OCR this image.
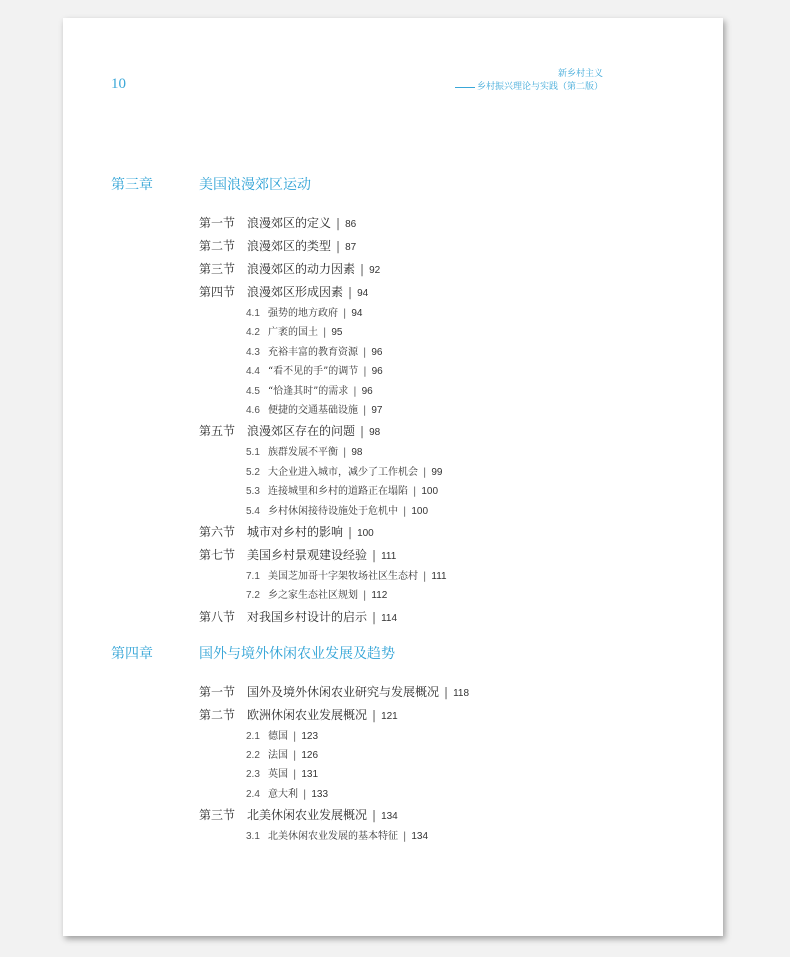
10
新乡村主义
乡村振兴理论与实践（第二版）
第三章	美国浪漫郊区运动
第一节 浪漫郊区的定义 | 86
第二节 浪漫郊区的类型 | 87
第三节 浪漫郊区的动力因素 | 92
第四节 浪漫郊区形成因素 | 94
4.1 强势的地方政府 | 94
4.2 广袤的国土 | 95
4.3 充裕丰富的教育资源 | 96
4.4 “看不见的手”的调节 | 96
4.5 “恰逢其时”的需求 | 96
4.6 便捷的交通基础设施 | 97
第五节 浪漫郊区存在的问题 | 98
5.1 族群发展不平衡 | 98
5.2 大企业进入城市，减少了工作机会 | 99
5.3 连接城里和乡村的道路正在塌陷 | 100
5.4 乡村休闲接待设施处于危机中 | 100
第六节 城市对乡村的影响 | 100
第七节 美国乡村景观建设经验 | 111
7.1 美国芝加哥十字架牧场社区生态村 | 111
7.2 乡之家生态社区规划 | 112
第八节 对我国乡村设计的启示 | 114
第四章	国外与境外休闲农业发展及趋势
第一节 国外及境外休闲农业研究与发展概况 | 118
第二节 欧洲休闲农业发展概况 | 121
2.1 德国 | 123
2.2 法国 | 126
2.3 英国 | 131
2.4 意大利 | 133
第三节 北美休闲农业发展概况 | 134
3.1 北美休闲农业发展的基本特征 | 134
